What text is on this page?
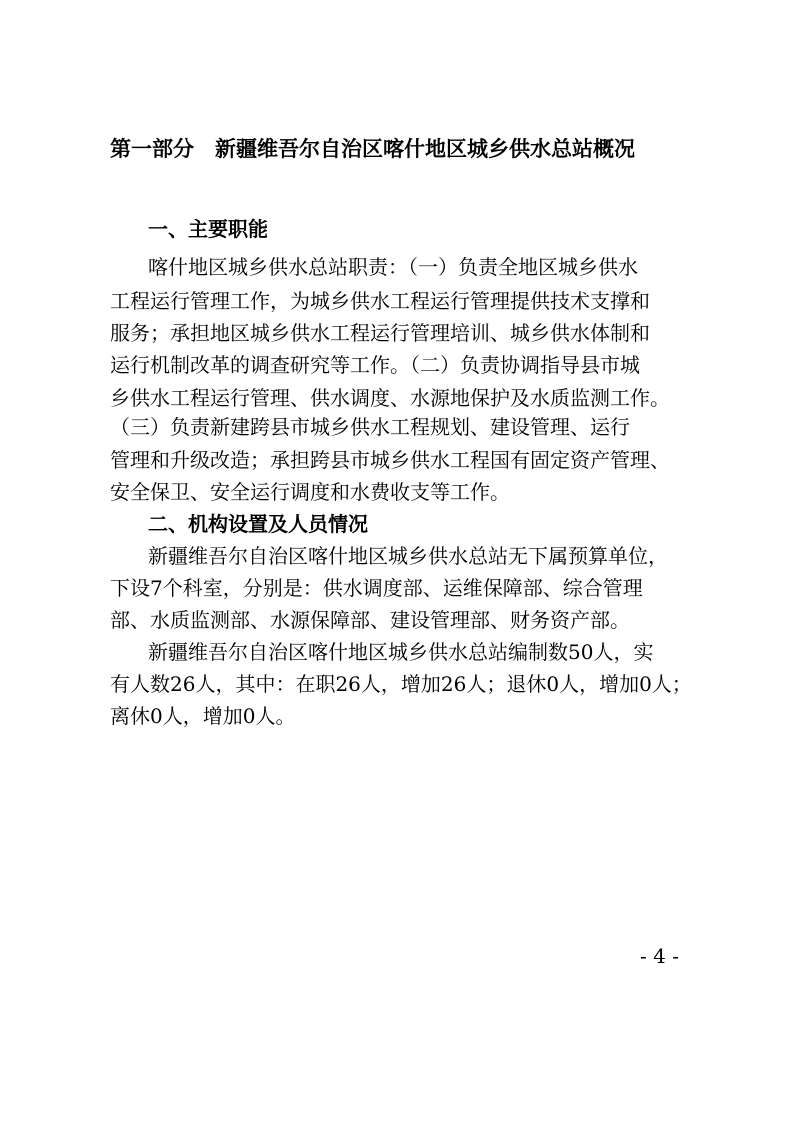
第一部分　新疆维吾尔自治区喀什地区城乡供水总站概况
一、主要职能

喀什地区城乡供水总站职责：（一）负责全地区城乡供水

工程运行管理工作，为城乡供水工程运行管理提供技术支撑和

服务；承担地区城乡供水工程运行管理培训、城乡供水体制和

运行机制改革的调查研究等工作。（二）负责协调指导县市城

乡供水工程运行管理、供水调度、水源地保护及水质监测工作。

（三）负责新建跨县市城乡供水工程规划、建设管理、运行

管理和升级改造；承担跨县市城乡供水工程国有固定资产管理、

安全保卫、安全运行调度和水费收支等工作。

二、机构设置及人员情况

新疆维吾尔自治区喀什地区城乡供水总站无下属预算单位，

下设7个科室，分别是：供水调度部、运维保障部、综合管理

部、水质监测部、水源保障部、建设管理部、财务资产部。

新疆维吾尔自治区喀什地区城乡供水总站编制数50人，实

有人数26人，其中：在职26人，增加26人；退休0人，增加0人；

离休0人，增加0人。

- 4 -
